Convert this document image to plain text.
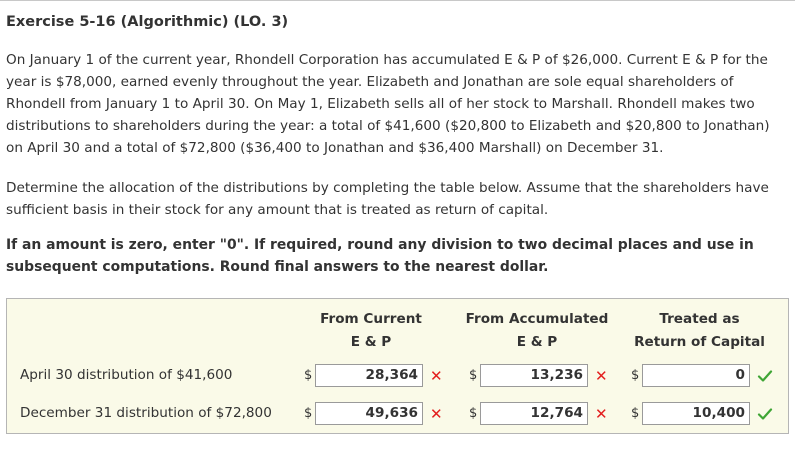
Exercise 5-16 (Algorithmic) (LO. 3)
On January 1 of the current year, Rhondell Corporation has accumulated E & P of $26,000. Current E & P for the
year is $78,000, earned evenly throughout the year. Elizabeth and Jonathan are sole equal shareholders of
Rhondell from January 1 to April 30. On May 1, Elizabeth sells all of her stock to Marshall. Rhondell makes two
distributions to shareholders during the year: a total of $41,600 ($20,800 to Elizabeth and $20,800 to Jonathan)
on April 30 and a total of $72,800 ($36,400 to Jonathan and $36,400 Marshall) on December 31.
Determine the allocation of the distributions by completing the table below. Assume that the shareholders have
sufficient basis in their stock for any amount that is treated as return of capital.
If an amount is zero, enter "0". If required, round any division to two decimal places and use in
subsequent computations. Round final answers to the nearest dollar.
From Current
E & P
From Accumulated
E & P
Treated as
Return of Capital
April 30 distribution of $41,600	$	28,364 ✕ $	13,236 ✕ $	0
December 31 distribution of $72,800 $	49,636 ✕ $	12,764 ✕ $	10,400
